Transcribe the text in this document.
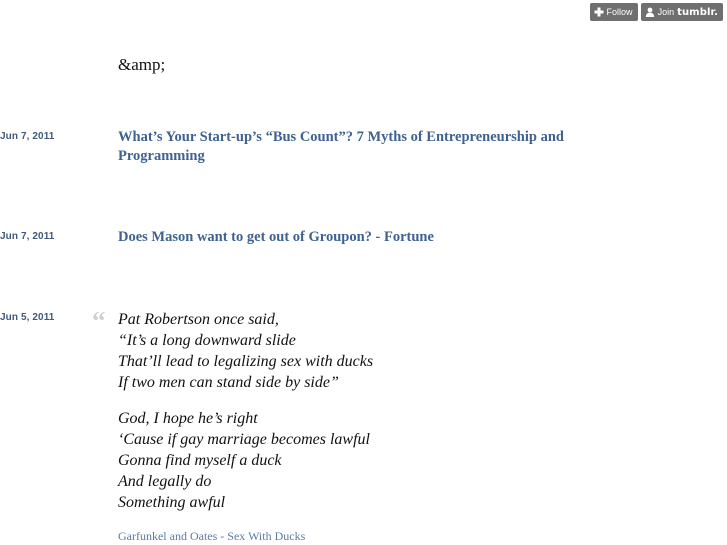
Follow	Join tumblr.
&amp;
Jun 7, 2011	What’s Your Start-up’s “Bus Count”? 7 Myths of Entrepreneurship and Programming
Jun 7, 2011	Does Mason want to get out of Groupon? - Fortune
Jun 5, 2011 “ Pat Robertson once said,
“It’s a long downward slide
That’ll lead to legalizing sex with ducks
If two men can stand side by side”
God, I hope he’s right
‘Cause if gay marriage becomes lawful
Gonna find myself a duck
And legally do
Something awful
Garfunkel and Oates - Sex With Ducks
